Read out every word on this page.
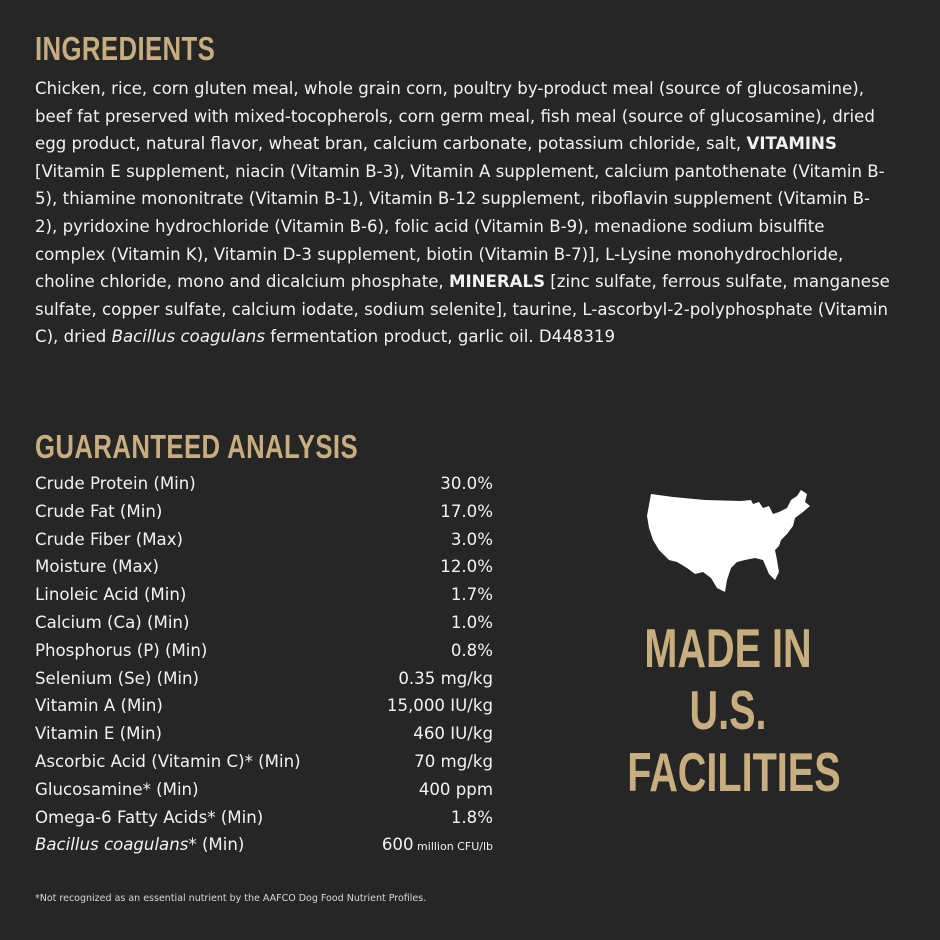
INGREDIENTS
Chicken, rice, corn gluten meal, whole grain corn, poultry by-product meal (source of glucosamine), beef fat preserved with mixed-tocopherols, corn germ meal, fish meal (source of glucosamine), dried egg product, natural flavor, wheat bran, calcium carbonate, potassium chloride, salt, VITAMINS [Vitamin E supplement, niacin (Vitamin B-3), Vitamin A supplement, calcium pantothenate (Vitamin B-5), thiamine mononitrate (Vitamin B-1), Vitamin B-12 supplement, riboflavin supplement (Vitamin B-2), pyridoxine hydrochloride (Vitamin B-6), folic acid (Vitamin B-9), menadione sodium bisulfite complex (Vitamin K), Vitamin D-3 supplement, biotin (Vitamin B-7)], L-Lysine monohydrochloride, choline chloride, mono and dicalcium phosphate, MINERALS [zinc sulfate, ferrous sulfate, manganese sulfate, copper sulfate, calcium iodate, sodium selenite], taurine, L-ascorbyl-2-polyphosphate (Vitamin C), dried Bacillus coagulans fermentation product, garlic oil. D448319
GUARANTEED ANALYSIS
Crude Protein (Min)	30.0%
Crude Fat (Min)	17.0%
Crude Fiber (Max)	3.0%
Moisture (Max)	12.0%
Linoleic Acid (Min)	1.7%
Calcium (Ca) (Min)	1.0%
Phosphorus (P) (Min)	0.8%
Selenium (Se) (Min)	0.35 mg/kg
Vitamin A (Min)	15,000 IU/kg
Vitamin E (Min)	460 IU/kg
Ascorbic Acid (Vitamin C)* (Min)	70 mg/kg
Glucosamine* (Min)	400 ppm
Omega-6 Fatty Acids* (Min)	1.8%
Bacillus coagulans* (Min)	600 million CFU/lb
MADE IN
U.S.
FACILITIES
*Not recognized as an essential nutrient by the AAFCO Dog Food Nutrient Profiles.
